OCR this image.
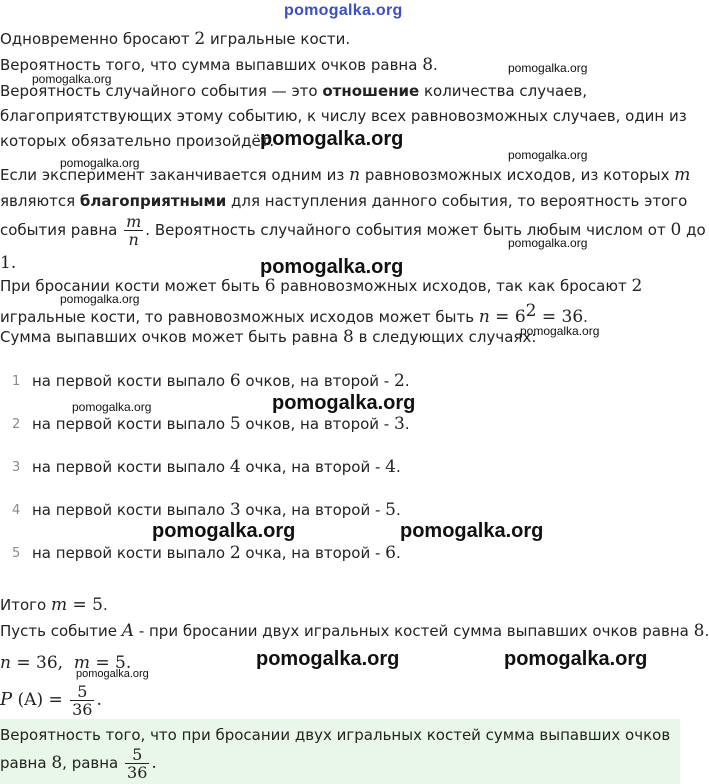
pomogalka.org
Одновременно бросают 2 игральные кости.
Вероятность того, что сумма выпавших очков равна 8.
Вероятность случайного события — это отношение количества случаев,
благоприятствующих этому событию, к числу всех равновозможных случаев, один из
которых обязательно произойдёт.
Если эксперимент заканчивается одним из n равновозможных исходов, из которых m
являются благоприятными для наступления данного события, то вероятность этого
события равна $\frac{m}{n}$ . Вероятность случайного события может быть любым числом от 0 до
1.
При бросании кости может быть 6 равновозможных исходов, так как бросают 2
игральные кости, то равновозможных исходов может быть $n = 6^2 = 36$.
Сумма выпавших очков может быть равна 8 в следующих случаях:
1 на первой кости выпало 6 очков, на второй - 2.
2 на первой кости выпало 5 очков, на второй - 3.
3 на первой кости выпало 4 очка, на второй - 4.
4 на первой кости выпало 3 очка, на второй - 5.
5 на первой кости выпало 2 очка, на второй - 6.
Итого m = 5.
Пусть событие A - при бросании двух игральных костей сумма выпавших очков равна 8.
n = 36,  m = 5.
P $(A) = \frac{5}{36}$ .
Вероятность того, что при бросании двух игральных костей сумма выпавших очков
равна 8, равна $\frac{5}{36}$ .
pomogalka.org
pomogalka.org
pomogalka.org
pomogalka.org
pomogalka.org
pomogalka.org
pomogalka.org
pomogalka.org
pomogalka.org
pomogalka.org	pomogalka.org
pomogalka.org	pomogalka.org
pomogalka.org	pomogalka.org
pomogalka.org
